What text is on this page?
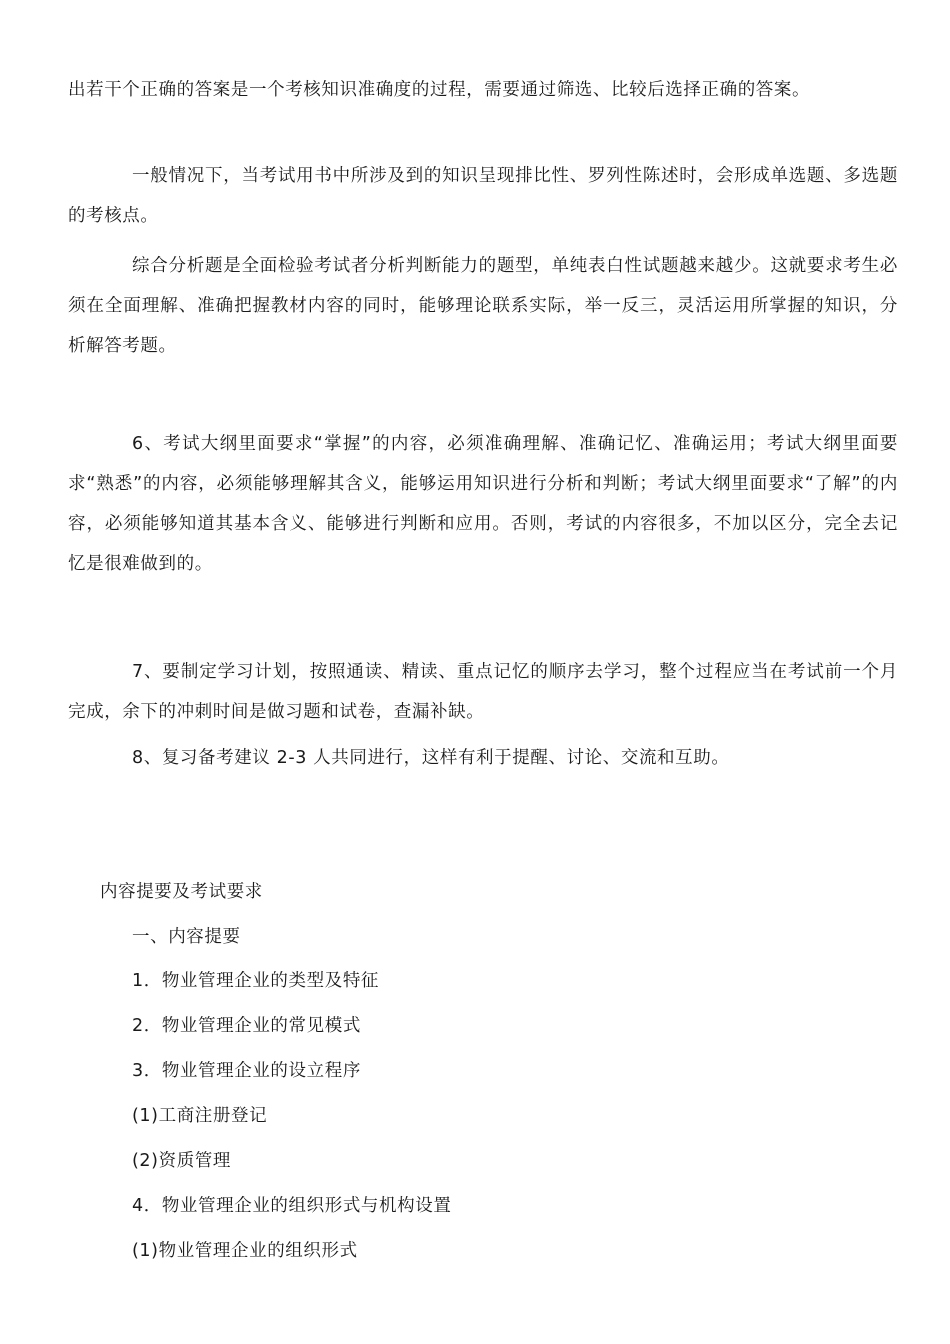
出若干个正确的答案是一个考核知识准确度的过程，需要通过筛选、比较后选择正确的答案。

一般情况下，当考试用书中所涉及到的知识呈现排比性、罗列性陈述时，会形成单选题、多选题的考核点。

综合分析题是全面检验考试者分析判断能力的题型，单纯表白性试题越来越少。这就要求考生必须在全面理解、准确把握教材内容的同时，能够理论联系实际，举一反三，灵活运用所掌握的知识，分析解答考题。

6、考试大纲里面要求“掌握”的内容，必须准确理解、准确记忆、准确运用；考试大纲里面要求“熟悉”的内容，必须能够理解其含义，能够运用知识进行分析和判断；考试大纲里面要求“了解”的内容，必须能够知道其基本含义、能够进行判断和应用。否则，考试的内容很多，不加以区分，完全去记忆是很难做到的。

7、要制定学习计划，按照通读、精读、重点记忆的顺序去学习，整个过程应当在考试前一个月完成，余下的冲刺时间是做习题和试卷，查漏补缺。

8、复习备考建议 2-3 人共同进行，这样有利于提醒、讨论、交流和互助。

内容提要及考试要求

一、内容提要

1．物业管理企业的类型及特征

2．物业管理企业的常见模式

3．物业管理企业的设立程序

(1)工商注册登记

(2)资质管理

4．物业管理企业的组织形式与机构设置

(1)物业管理企业的组织形式
